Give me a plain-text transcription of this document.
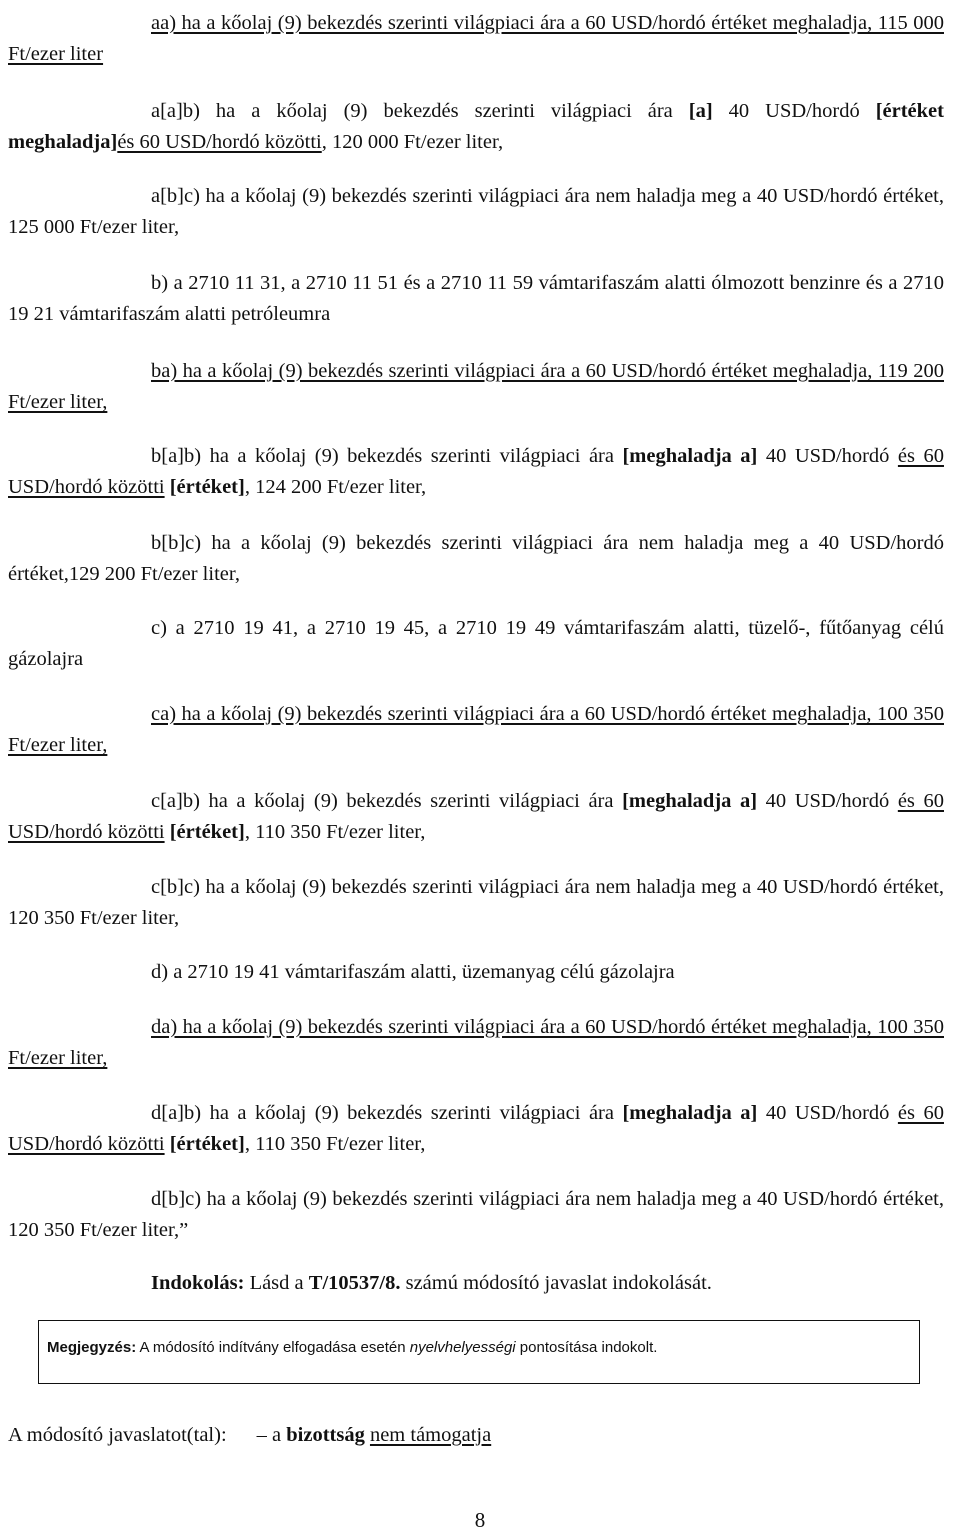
aa) ha a kőolaj (9) bekezdés szerinti világpiaci ára a 60 USD/hordó értéket meghaladja, 115 000 Ft/ezer liter
a[a]b) ha a kőolaj (9) bekezdés szerinti világpiaci ára [a] 40 USD/hordó [értéket meghaladja]és 60 USD/hordó közötti, 120 000 Ft/ezer liter,
a[b]c) ha a kőolaj (9) bekezdés szerinti világpiaci ára nem haladja meg a 40 USD/hordó értéket, 125 000 Ft/ezer liter,
b) a 2710 11 31, a 2710 11 51 és a 2710 11 59 vámtarifaszám alatti ólmozott benzinre és a 2710 19 21 vámtarifaszám alatti petróleumra
ba) ha a kőolaj (9) bekezdés szerinti világpiaci ára a 60 USD/hordó értéket meghaladja, 119 200 Ft/ezer liter,
b[a]b) ha a kőolaj (9) bekezdés szerinti világpiaci ára [meghaladja a] 40 USD/hordó és 60 USD/hordó közötti [értéket], 124 200 Ft/ezer liter,
b[b]c) ha a kőolaj (9) bekezdés szerinti világpiaci ára nem haladja meg a 40 USD/hordó értéket,129 200 Ft/ezer liter,
c) a 2710 19 41, a 2710 19 45, a 2710 19 49 vámtarifaszám alatti, tüzelő-, fűtőanyag célú gázolajra
ca) ha a kőolaj (9) bekezdés szerinti világpiaci ára a 60 USD/hordó értéket meghaladja, 100 350 Ft/ezer liter,
c[a]b) ha a kőolaj (9) bekezdés szerinti világpiaci ára [meghaladja a] 40 USD/hordó és 60 USD/hordó közötti [értéket], 110 350 Ft/ezer liter,
c[b]c) ha a kőolaj (9) bekezdés szerinti világpiaci ára nem haladja meg a 40 USD/hordó értéket, 120 350 Ft/ezer liter,
d) a 2710 19 41 vámtarifaszám alatti, üzemanyag célú gázolajra
da) ha a kőolaj (9) bekezdés szerinti világpiaci ára a 60 USD/hordó értéket meghaladja, 100 350 Ft/ezer liter,
d[a]b) ha a kőolaj (9) bekezdés szerinti világpiaci ára [meghaladja a] 40 USD/hordó és 60 USD/hordó közötti [értéket], 110 350 Ft/ezer liter,
d[b]c) ha a kőolaj (9) bekezdés szerinti világpiaci ára nem haladja meg a 40 USD/hordó értéket, 120 350 Ft/ezer liter,”
Indokolás: Lásd a T/10537/8. számú módosító javaslat indokolását.
Megjegyzés: A módosító indítvány elfogadása esetén nyelvhelyességi pontosítása indokolt.
A módosító javaslatot(tal): – a bizottság nem támogatja
8
